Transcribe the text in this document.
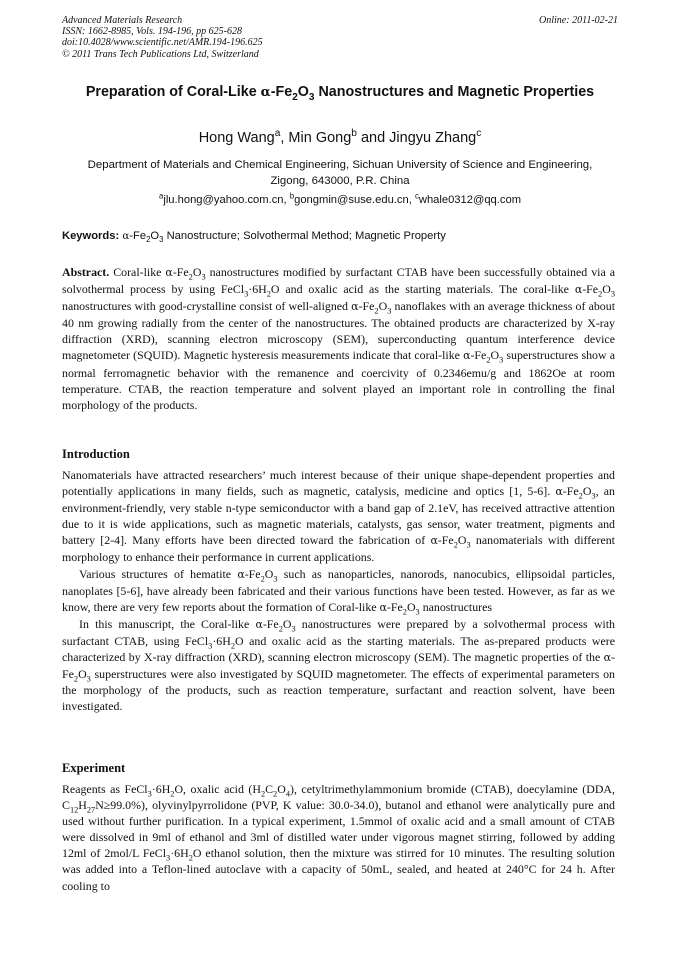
Advanced Materials Research
ISSN: 1662-8985, Vols. 194-196, pp 625-628
doi:10.4028/www.scientific.net/AMR.194-196.625
© 2011 Trans Tech Publications Ltd, Switzerland
Online: 2011-02-21
Preparation of Coral-Like $\alpha-Fe_2O_3$ Nanostructures and Magnetic Properties
Hong Wang$^a$, Min Gong$^b$ and Jingyu Zhang$^c$
Department of Materials and Chemical Engineering, Sichuan University of Science and Engineering,
Zigong, 643000, P.R. China
$^a$jlu.hong@yahoo.com.cn, $^b$gongmin@suse.edu.cn, $^c$whale0312@qq.com
Keywords: $\alpha-Fe_2O_3$ Nanostructure; Solvothermal Method; Magnetic Property
Abstract. Coral-like $\alpha-Fe_2O_3$ nanostructures modified by surfactant CTAB have been successfully obtained via a solvothermal process by using $FeCl_3\cdot 6H_2O$ and oxalic acid as the starting materials. The coral-like $\alpha-Fe_2O_3$ nanostructures with good-crystalline consist of well-aligned $\alpha-Fe_2O_3$ nanoflakes with an average thickness of about 40 nm growing radially from the center of the nanostructures. The obtained products are characterized by X-ray diffraction (XRD), scanning electron microscopy (SEM), superconducting quantum interference device magnetometer (SQUID). Magnetic hysteresis measurements indicate that coral-like $\alpha-Fe_2O_3$ superstructures show a normal ferromagnetic behavior with the remanence and coercivity of 0.2346emu/g and 1862Oe at room temperature. CTAB, the reaction temperature and solvent played an important role in controlling the final morphology of the products.
Introduction

Nanomaterials have attracted researchers’ much interest because of their unique shape-dependent properties and potentially applications in many fields, such as magnetic, catalysis, medicine and optics [1, 5-6]. $\alpha-Fe_2O_3$, an environment-friendly, very stable n-type semiconductor with a band gap of 2.1eV, has received attractive attention due to it is wide applications, such as magnetic materials, catalysts, gas sensor, water treatment, pigments and battery [2-4]. Many efforts have been directed toward the fabrication of $\alpha-Fe_2O_3$ nanomaterials with different morphology to enhance their performance in current applications.

Various structures of hematite $\alpha-Fe_2O_3$ such as nanoparticles, nanorods, nanocubics, ellipsoidal particles, nanoplates [5-6], have already been fabricated and their various functions have been tested. However, as far as we know, there are very few reports about the formation of Coral-like $\alpha-Fe_2O_3$ nanostructures

In this manuscript, the Coral-like $\alpha-Fe_2O_3$ nanostructures were prepared by a solvothermal process with surfactant CTAB, using $FeCl_3\cdot 6H_2O$ and oxalic acid as the starting materials. The as-prepared products were characterized by X-ray diffraction (XRD), scanning electron microscopy (SEM). The magnetic properties of the $\alpha-Fe_2O_3$ superstructures were also investigated by SQUID magnetometer. The effects of experimental parameters on the morphology of the products, such as reaction temperature, surfactant and reaction solvent, have been investigated.

Experiment

Reagents as $FeCl_3\cdot 6H_2O$, oxalic acid $(H_2C_2O_4)$, cetyltrimethylammonium bromide (CTAB), doecylamine (DDA, $C_{12}H_{27}N\ge 99.0\%$), olyvinylpyrrolidone (PVP, K value: 30.0-34.0), butanol and ethanol were analytically pure and used without further purification. In a typical experiment, 1.5mmol of oxalic acid and a small amount of CTAB were dissolved in 9ml of ethanol and 3ml of distilled water under vigorous magnet stirring, followed by adding 12ml of 2mol/L $FeCl_3\cdot 6H_2O$ ethanol solution, then the mixture was stirred for 10 minutes. The resulting solution was added into a Teflon-lined autoclave with a capacity of 50mL, sealed, and heated at 240°C for 24 h. After cooling to
